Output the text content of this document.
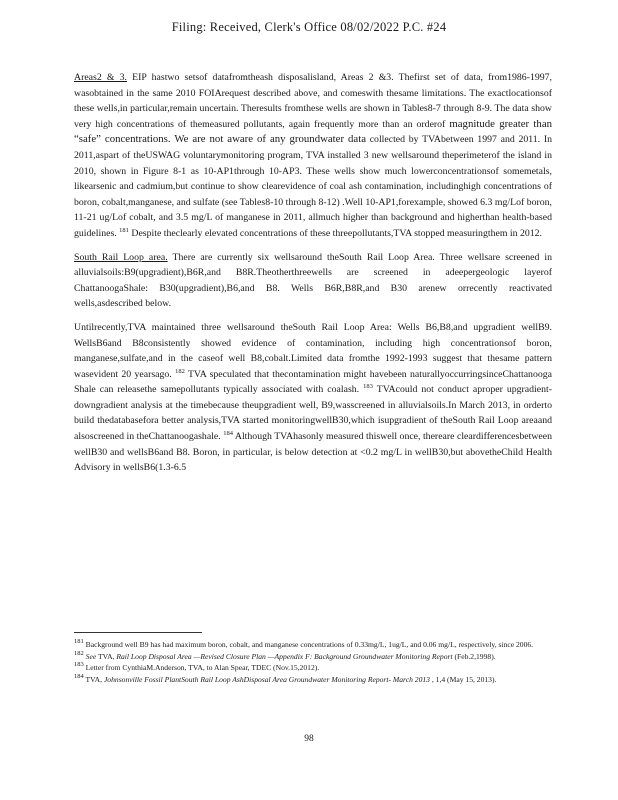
Filing: Received, Clerk's Office 08/02/2022 P.C. #24

Areas2 & 3. EIP hastwo setsof datafromtheash disposalisland, Areas 2 &3. Thefirst set of data, from1986-1997, wasobtained in the same 2010 FOIArequest described above, and comeswith thesame limitations. The exactlocationsof these wells,in particular,remain uncertain. Theresults fromthese wells are shown in Tables8-7 through 8-9. The data show very high concentrations of themeasured pollutants, again frequently more than an orderof magnitude greater than “safe” concentrations. We are not aware of any groundwater data collected by TVAbetween 1997 and 2011. In 2011,aspart of theUSWAG voluntarymonitoring program, TVA installed 3 new wellsaround theperimeterof the island in 2010, shown in Figure 8-1 as 10-AP1through 10-AP3. These wells show much lowerconcentrationsof somemetals, likearsenic and cadmium,but continue to show clearevidence of coal ash contamination, includinghigh concentrations of boron, cobalt,manganese, and sulfate (see Tables8-10 through 8-12) .Well 10-AP1,forexample, showed 6.3 mg/Lof boron, 11-21 ug/Lof cobalt, and 3.5 mg/L of manganese in 2011, allmuch higher than background and higherthan health-based guidelines. $^{181}$ Despite theclearly elevated concentrations of these threepollutants,TVA stopped measuringthem in 2012.

South Rail Loop area. There are currently six wellsaround theSouth Rail Loop Area. Three wellsare screened in alluvialsoils:B9(upgradient),B6R,and B8R.Theotherthreewells are screened in adeepergeologic layerof ChattanoogaShale: B30(upgradient),B6,and B8. Wells B6R,B8R,and B30 arenew orrecently reactivated wells,asdescribed below.

Untilrecently,TVA maintained three wellsaround theSouth Rail Loop Area: Wells B6,B8,and upgradient wellB9. WellsB6and B8consistently showed evidence of contamination, including high concentrationsof boron, manganese,sulfate,and in the caseof well B8,cobalt.Limited data fromthe 1992-1993 suggest that thesame pattern wasevident 20 yearsago. $^{182}$ TVA speculated that thecontamination might havebeen naturallyoccurringsinceChattanooga Shale can releasethe samepollutants typically associated with coalash. $^{183}$ TVAcould not conduct aproper upgradient-downgradient analysis at the timebecause theupgradient well, B9,wasscreened in alluvialsoils.In March 2013, in orderto build thedatabasefora better analysis,TVA started monitoringwellB30,which isupgradient of theSouth Rail Loop areaand alsoscreened in theChattanoogashale. $^{184}$ Although TVAhasonly measured thiswell once, thereare cleardifferencesbetween wellB30 and wellsB6and B8. Boron, in particular, is below detection at <0.2 mg/L in wellB30,but abovetheChild Health Advisory in wellsB6(1.3-6.5

$^{181}$ Background well B9 has had maximum boron, cobalt, and manganese concentrations of 0.33mg/L, 1ug/L, and 0.06 mg/L, respectively, since 2006.

$^{182}$ See TVA, Rail Loop Disposal Area —Revised Closure Plan —Appendix F: Background Groundwater Monitoring Report (Feb.2,1998).

$^{183}$ Letter from CynthiaM.Anderson, TVA, to Alan Spear, TDEC (Nov.15,2012).

$^{184}$ TVA, Johnsonville Fossil PlantSouth Rail Loop AshDisposal Area Groundwater Monitoring Report- March 2013 , 1,4 (May 15, 2013).

98
